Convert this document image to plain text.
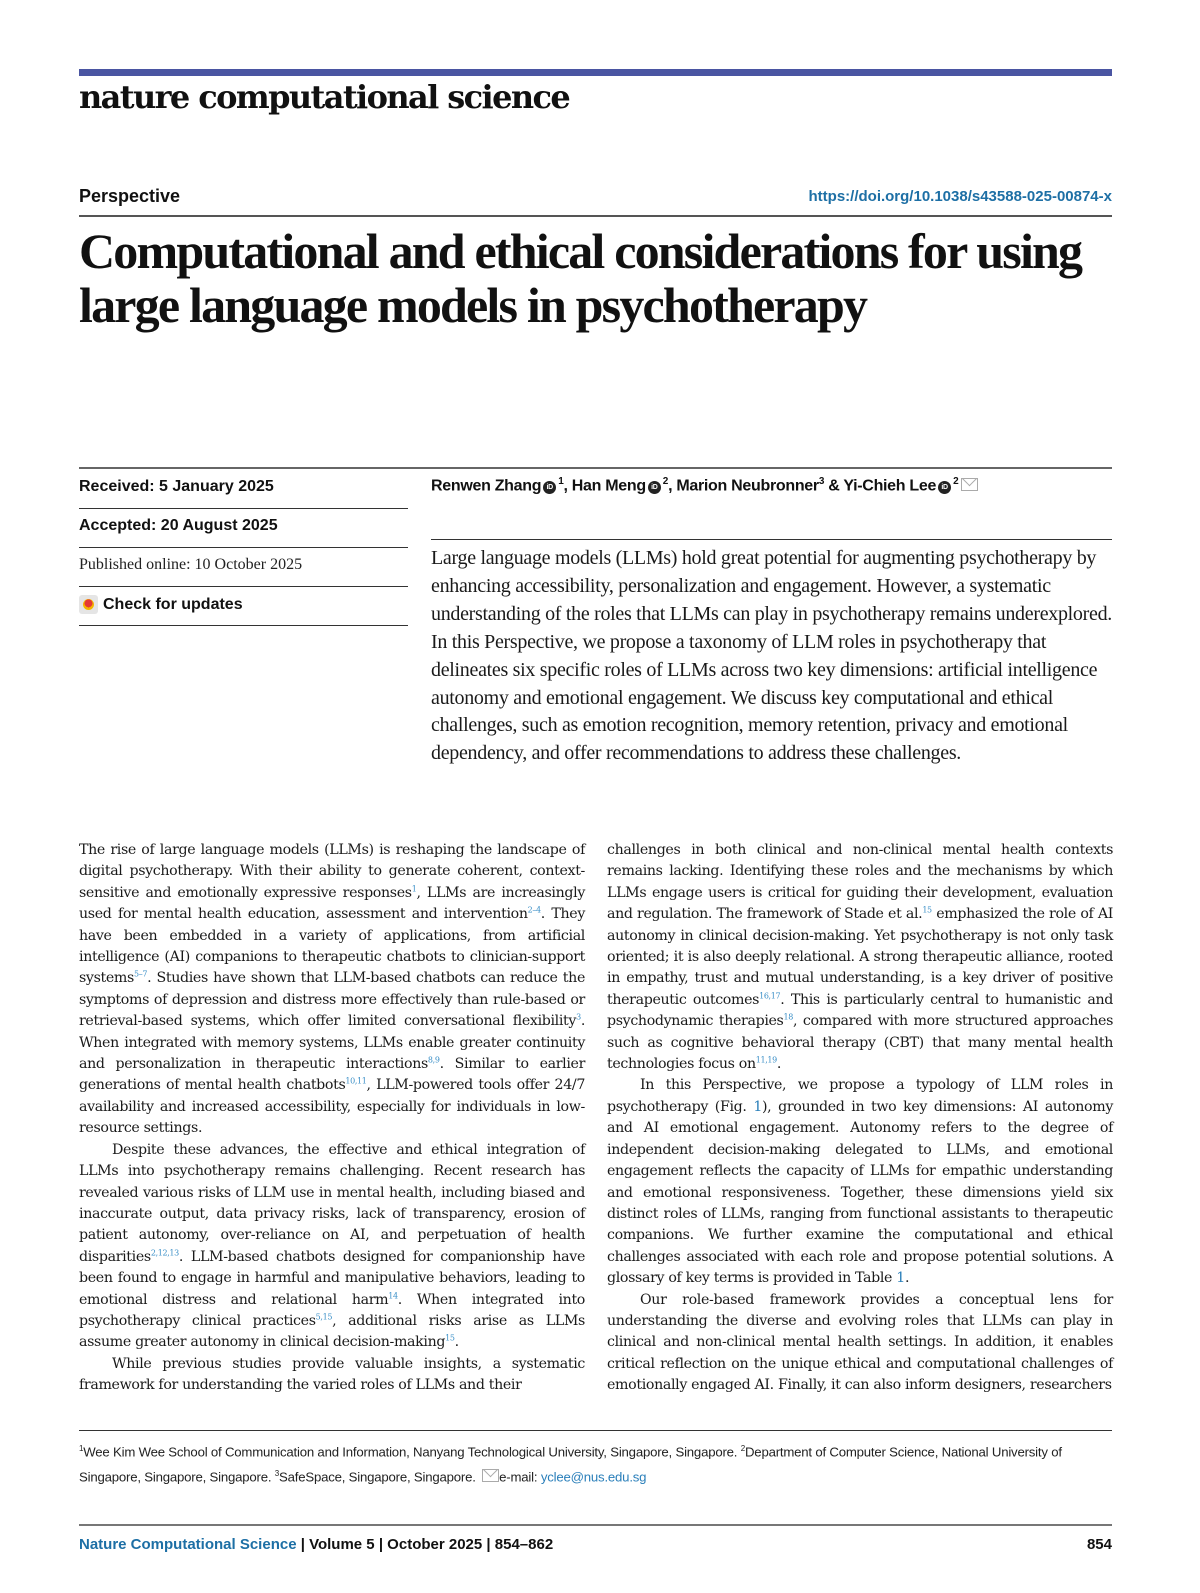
nature computational science
Perspective	https://doi.org/10.1038/s43588-025-00874-x
Computational and ethical considerations for using large language models in psychotherapy
Received: 5 January 2025
Accepted: 20 August 2025
Published online: 10 October 2025
Check for updates
Renwen Zhang $iD^1$, Han Meng $iD^2$, Marion Neubronner$^3$ & Yi-Chieh Lee $iD^2$
Large language models (LLMs) hold great potential for augmenting psychotherapy by enhancing accessibility, personalization and engagement. However, a systematic understanding of the roles that LLMs can play in psychotherapy remains underexplored. In this Perspective, we propose a taxonomy of LLM roles in psychotherapy that delineates six specific roles of LLMs across two key dimensions: artificial intelligence autonomy and emotional engagement. We discuss key computational and ethical challenges, such as emotion recognition, memory retention, privacy and emotional dependency, and offer recommendations to address these challenges.

The rise of large language models (LLMs) is reshaping the landscape of digital psychotherapy. With their ability to generate coherent, context-sensitive and emotionally expressive responses$^1$, LLMs are increasingly used for mental health education, assessment and intervention$^{2-4}$. They have been embedded in a variety of applications, from artificial intelligence (AI) companions to therapeutic chatbots to clinician-support systems$^{5-7}$. Studies have shown that LLM-based chatbots can reduce the symptoms of depression and distress more effectively than rule-based or retrieval-based systems, which offer limited conversational flexibility$^3$. When integrated with memory systems, LLMs enable greater continuity and personalization in therapeutic interactions$^{8,9}$. Similar to earlier generations of mental health chatbots$^{10,11}$, LLM-powered tools offer 24/7 availability and increased accessibility, especially for individuals in low-resource settings.

Despite these advances, the effective and ethical integration of LLMs into psychotherapy remains challenging. Recent research has revealed various risks of LLM use in mental health, including biased and inaccurate output, data privacy risks, lack of transparency, erosion of patient autonomy, over-reliance on AI, and perpetuation of health disparities$^{2,12,13}$. LLM-based chatbots designed for companionship have been found to engage in harmful and manipulative behaviors, leading to emotional distress and relational harm$^{14}$. When integrated into psychotherapy clinical practices$^{5,15}$, additional risks arise as LLMs assume greater autonomy in clinical decision-making$^{15}$.

While previous studies provide valuable insights, a systematic framework for understanding the varied roles of LLMs and their

challenges in both clinical and non-clinical mental health contexts remains lacking. Identifying these roles and the mechanisms by which LLMs engage users is critical for guiding their development, evaluation and regulation. The framework of Stade et al.$^{15}$ emphasized the role of AI autonomy in clinical decision-making. Yet psychotherapy is not only task oriented; it is also deeply relational. A strong therapeutic alliance, rooted in empathy, trust and mutual understanding, is a key driver of positive therapeutic outcomes$^{16,17}$. This is particularly central to humanistic and psychodynamic therapies$^{18}$, compared with more structured approaches such as cognitive behavioral therapy (CBT) that many mental health technologies focus on$^{11,19}$.

In this Perspective, we propose a typology of LLM roles in psychotherapy (Fig. 1), grounded in two key dimensions: AI autonomy and AI emotional engagement. Autonomy refers to the degree of independent decision-making delegated to LLMs, and emotional engagement reflects the capacity of LLMs for empathic understanding and emotional responsiveness. Together, these dimensions yield six distinct roles of LLMs, ranging from functional assistants to therapeutic companions. We further examine the computational and ethical challenges associated with each role and propose potential solutions. A glossary of key terms is provided in Table 1.

Our role-based framework provides a conceptual lens for understanding the diverse and evolving roles that LLMs can play in clinical and non-clinical mental health settings. In addition, it enables critical reflection on the unique ethical and computational challenges of emotionally engaged AI. Finally, it can also inform designers, researchers

$^1$Wee Kim Wee School of Communication and Information, Nanyang Technological University, Singapore, Singapore. $^2$Department of Computer Science, National University of Singapore, Singapore, Singapore. $^3$SafeSpace, Singapore, Singapore. e-mail: yclee@nus.edu.sg
Nature Computational Science | Volume 5 | October 2025 | 854–862	854
